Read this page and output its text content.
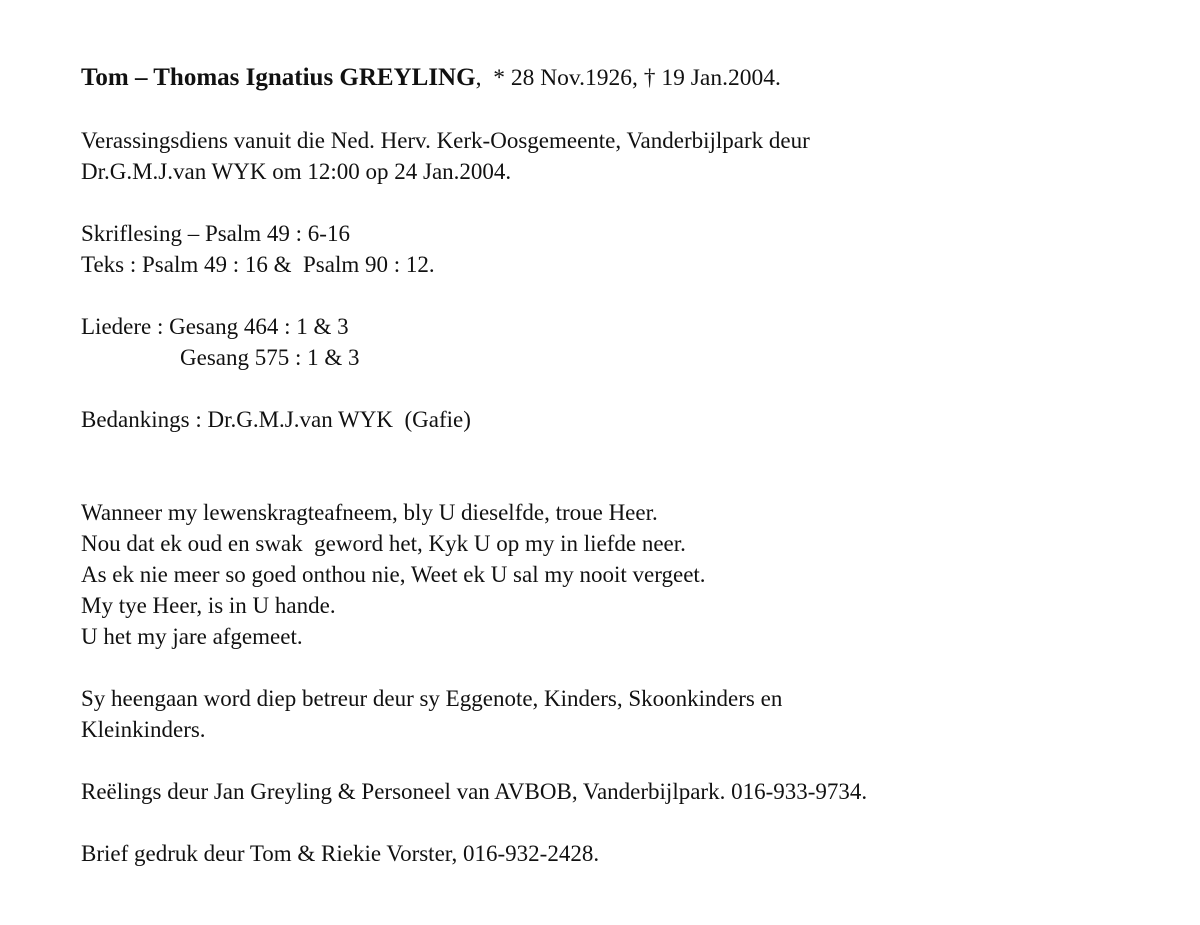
Tom – Thomas Ignatius GREYLING,  * 28 Nov.1926, † 19 Jan.2004.
Verassingsdiens vanuit die Ned. Herv. Kerk-Oosgemeente, Vanderbijlpark deur
Dr.G.M.J.van WYK om 12:00 op 24 Jan.2004.
Skriflesing – Psalm 49 : 6-16
Teks : Psalm 49 : 16 &  Psalm 90 : 12.
Liedere : Gesang 464 : 1 & 3
Gesang 575 : 1 & 3
Bedankings : Dr.G.M.J.van WYK  (Gafie)
Wanneer my lewenskragteafneem, bly U dieselfde, troue Heer.
Nou dat ek oud en swak  geword het, Kyk U op my in liefde neer.
As ek nie meer so goed onthou nie, Weet ek U sal my nooit vergeet.
My tye Heer, is in U hande.
U het my jare afgemeet.
Sy heengaan word diep betreur deur sy Eggenote, Kinders, Skoonkinders en
Kleinkinders.
Reëlings deur Jan Greyling & Personeel van AVBOB, Vanderbijlpark. 016-933-9734.
Brief gedruk deur Tom & Riekie Vorster, 016-932-2428.
